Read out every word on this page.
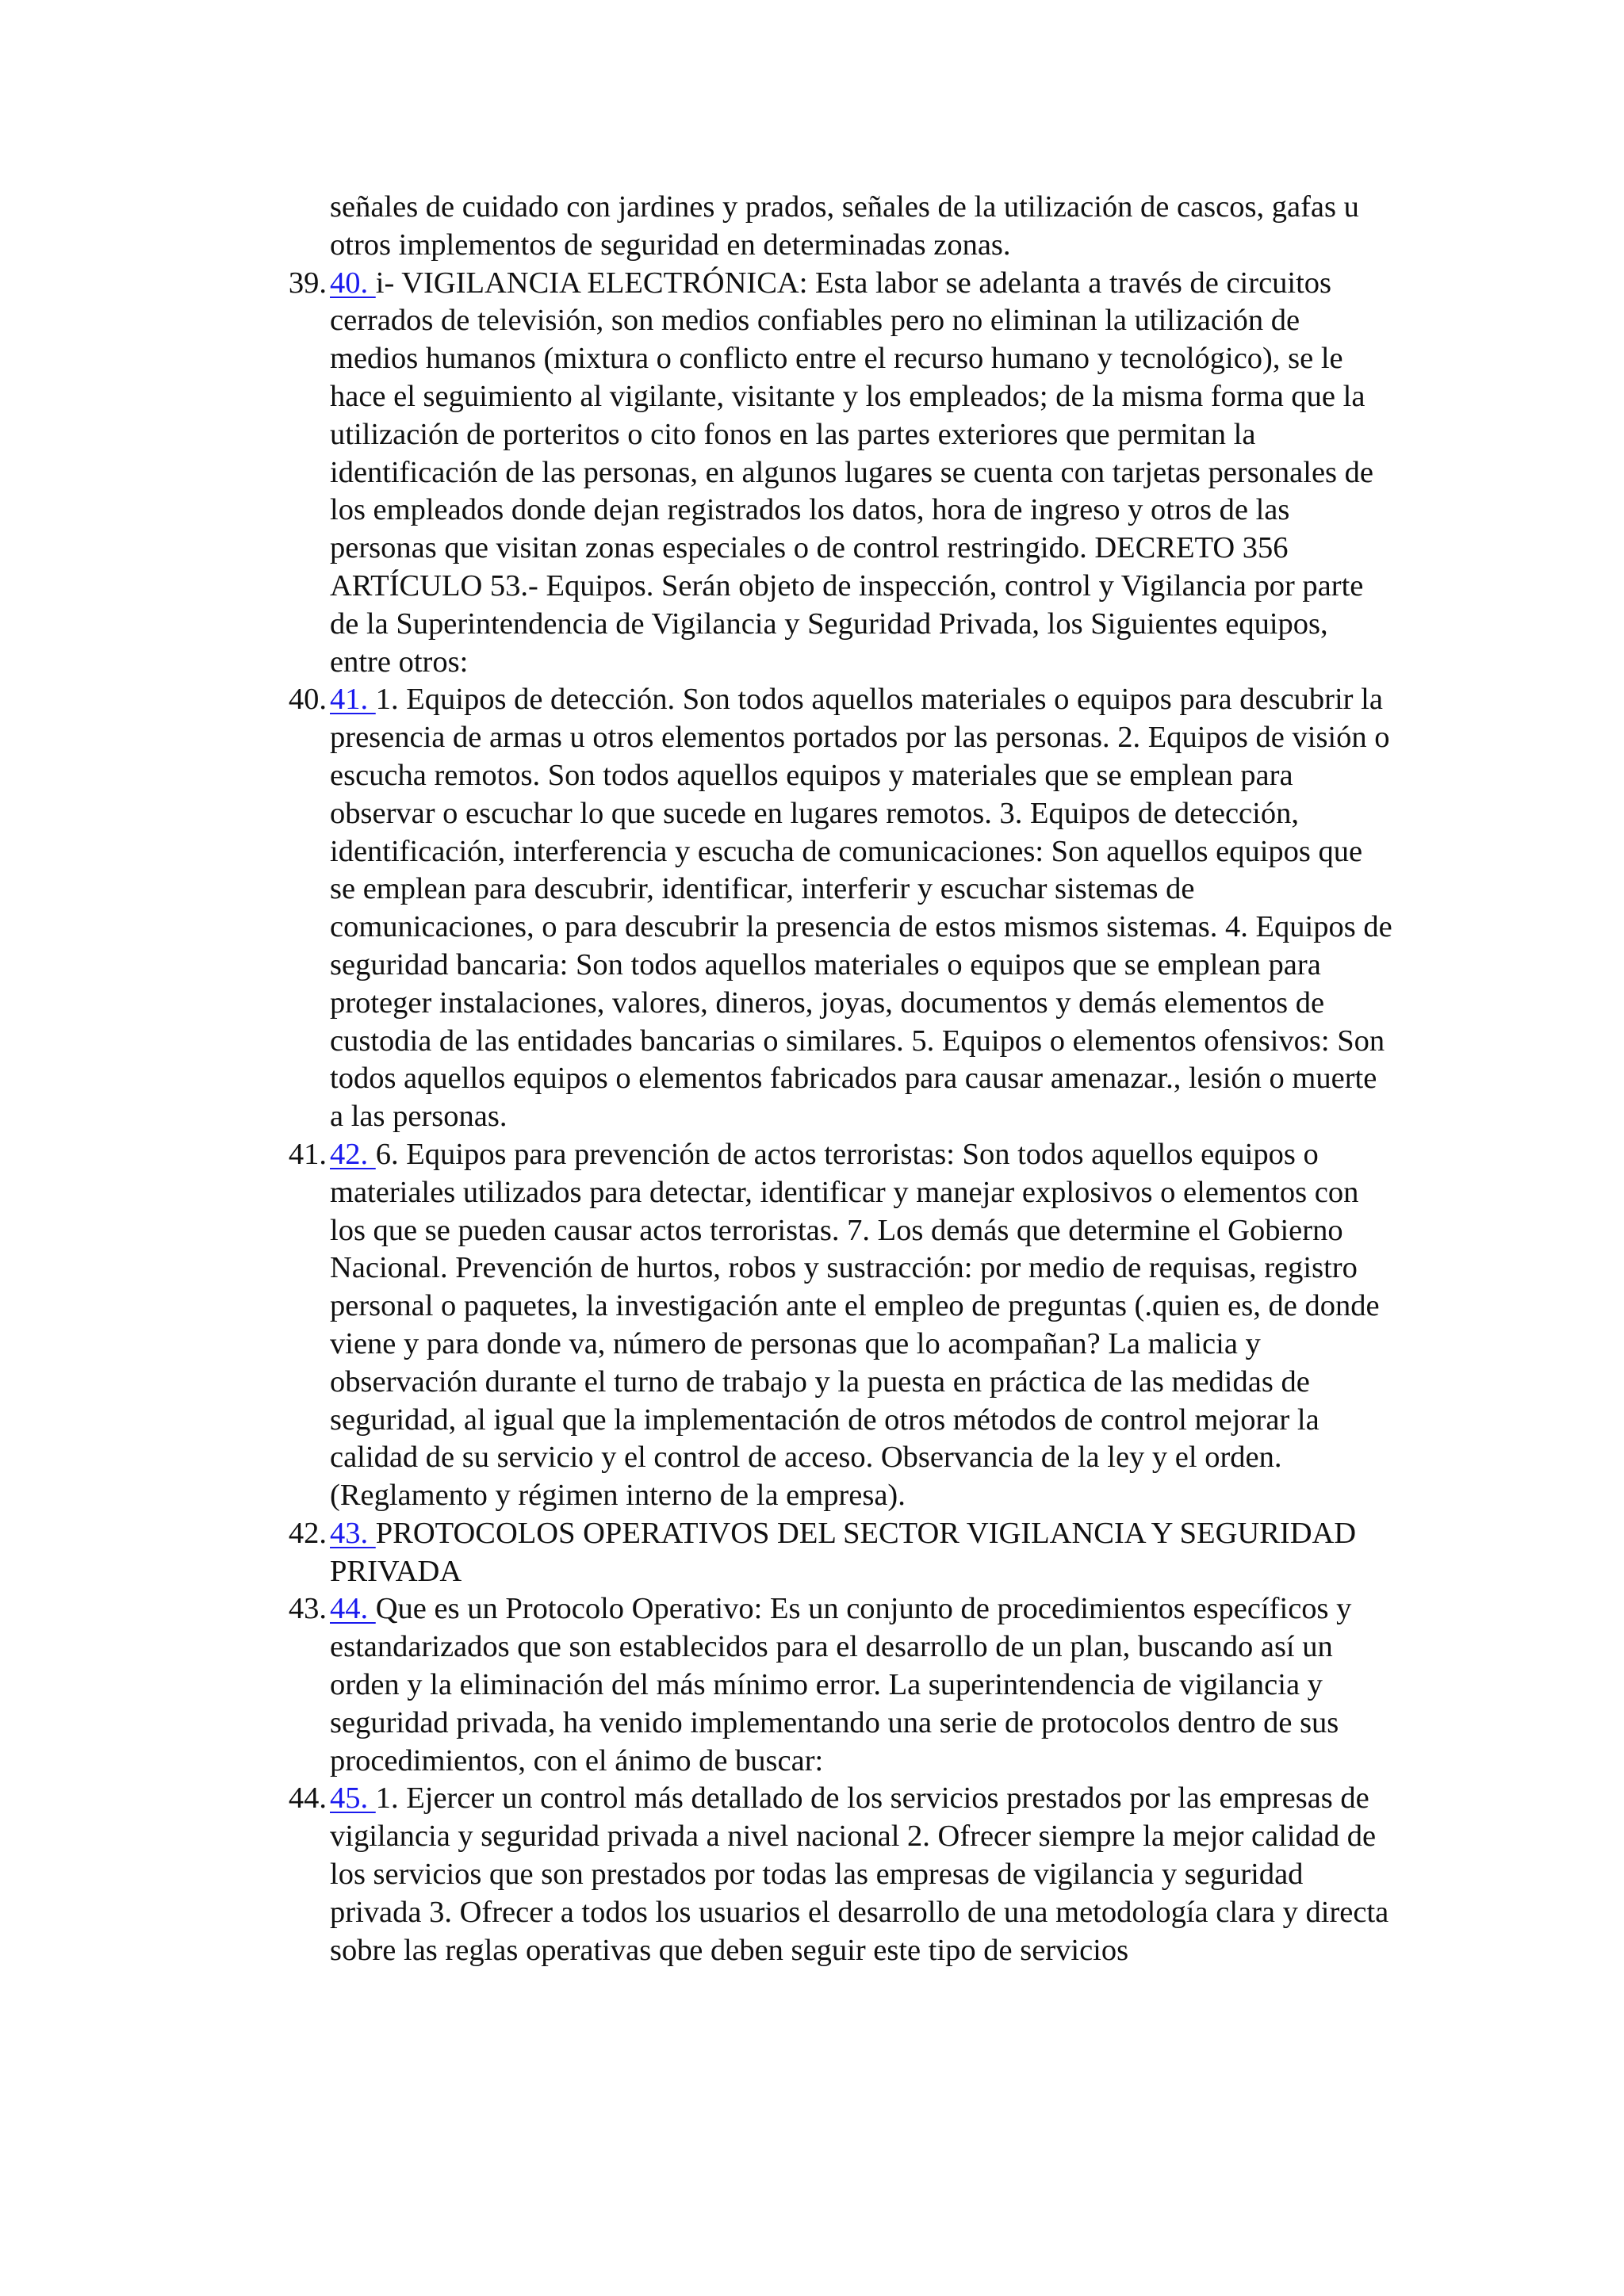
señales de cuidado con jardines y prados, señales de la utilización de cascos, gafas u otros implementos de seguridad en determinadas zonas.

39. 40. i- VIGILANCIA ELECTRÓNICA: Esta labor se adelanta a través de circuitos cerrados de televisión, son medios confiables pero no eliminan la utilización de medios humanos (mixtura o conflicto entre el recurso humano y tecnológico), se le hace el seguimiento al vigilante, visitante y los empleados; de la misma forma que la utilización de porteritos o cito fonos en las partes exteriores que permitan la identificación de las personas, en algunos lugares se cuenta con tarjetas personales de los empleados donde dejan registrados los datos, hora de ingreso y otros de las personas que visitan zonas especiales o de control restringido. DECRETO 356 ARTÍCULO 53.- Equipos. Serán objeto de inspección, control y Vigilancia por parte de la Superintendencia de Vigilancia y Seguridad Privada, los Siguientes equipos, entre otros:
40. 41. 1. Equipos de detección. Son todos aquellos materiales o equipos para descubrir la presencia de armas u otros elementos portados por las personas. 2. Equipos de visión o escucha remotos. Son todos aquellos equipos y materiales que se emplean para observar o escuchar lo que sucede en lugares remotos. 3. Equipos de detección, identificación, interferencia y escucha de comunicaciones: Son aquellos equipos que se emplean para descubrir, identificar, interferir y escuchar sistemas de comunicaciones, o para descubrir la presencia de estos mismos sistemas. 4. Equipos de seguridad bancaria: Son todos aquellos materiales o equipos que se emplean para proteger instalaciones, valores, dineros, joyas, documentos y demás elementos de custodia de las entidades bancarias o similares. 5. Equipos o elementos ofensivos: Son todos aquellos equipos o elementos fabricados para causar amenazar., lesión o muerte a las personas.
41. 42. 6. Equipos para prevención de actos terroristas: Son todos aquellos equipos o materiales utilizados para detectar, identificar y manejar explosivos o elementos con los que se pueden causar actos terroristas. 7. Los demás que determine el Gobierno Nacional. Prevención de hurtos, robos y sustracción: por medio de requisas, registro personal o paquetes, la investigación ante el empleo de preguntas (.quien es, de donde viene y para donde va, número de personas que lo acompañan? La malicia y observación durante el turno de trabajo y la puesta en práctica de las medidas de seguridad, al igual que la implementación de otros métodos de control mejorar la calidad de su servicio y el control de acceso. Observancia de la ley y el orden. (Reglamento y régimen interno de la empresa).
42. 43. PROTOCOLOS OPERATIVOS DEL SECTOR VIGILANCIA Y SEGURIDAD PRIVADA
43. 44. Que es un Protocolo Operativo: Es un conjunto de procedimientos específicos y estandarizados que son establecidos para el desarrollo de un plan, buscando así un orden y la eliminación del más mínimo error. La superintendencia de vigilancia y seguridad privada, ha venido implementando una serie de protocolos dentro de sus procedimientos, con el ánimo de buscar:
44. 45. 1. Ejercer un control más detallado de los servicios prestados por las empresas de vigilancia y seguridad privada a nivel nacional 2. Ofrecer siempre la mejor calidad de los servicios que son prestados por todas las empresas de vigilancia y seguridad privada 3. Ofrecer a todos los usuarios el desarrollo de una metodología clara y directa sobre las reglas operativas que deben seguir este tipo de servicios
